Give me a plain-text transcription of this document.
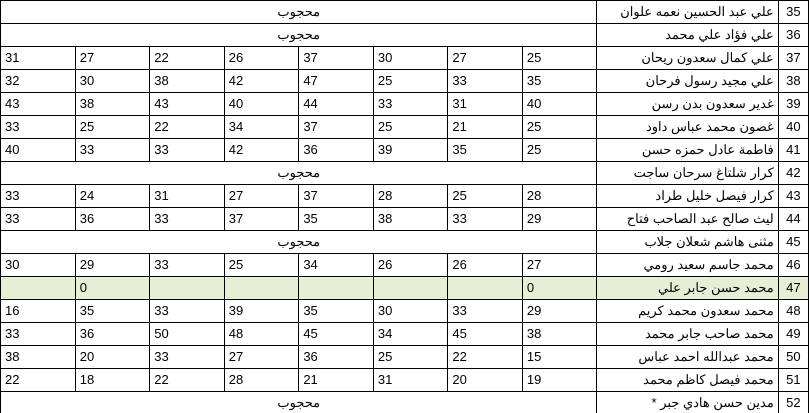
35	علي عبد الحسين نعمه علوان	محجوب							
36	علي فؤاد علي محمد	محجوب							
37	علي كمال سعدون ريحان	25	27	30	37	26	22	27	31
38	علي مجيد رسول فرحان	35	33	25	47	42	38	30	32
39	غدير سعدون بدن رسن	40	31	33	44	40	43	38	43
40	غصون محمد عباس داود	25	21	25	37	34	22	25	33
41	فاطمة عادل حمزه حسن	25	35	39	36	42	33	33	40
42	كرار شلتاغ سرحان ساجت	محجوب							
43	كرار فيصل خليل طراد	28	25	28	37	27	31	24	33
44	ليث صالح عبد الصاحب فتاح	29	33	38	35	37	33	36	33
45	مثنى هاشم شعلان جلاب	محجوب							
46	محمد جاسم سعيد رومي	27	26	26	34	25	33	29	30
47	محمد حسن جابر علي	0						0	
48	محمد سعدون محمد كريم	29	33	30	35	39	33	35	16
49	محمد صاحب جابر محمد	38	45	34	45	48	50	36	33
50	محمد عبدالله احمد عباس	15	22	25	36	27	33	20	38
51	محمد فيصل كاظم محمد	19	20	31	21	28	22	18	22
52	مدين حسن هادي جبر *	محجوب							
